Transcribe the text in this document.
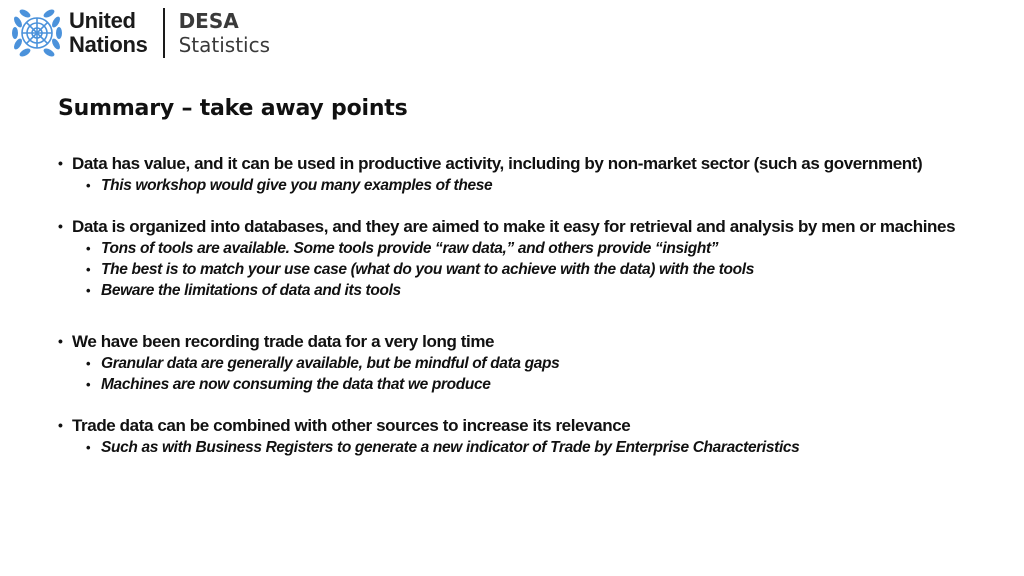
United
Nations
DESA
Statistics
Summary – take away points
• Data has value, and it can be used in productive activity, including by non-market sector (such as government)
• This workshop would give you many examples of these
• Data is organized into databases, and they are aimed to make it easy for retrieval and analysis by men or machines
• Tons of tools are available. Some tools provide “raw data,” and others provide “insight”
• The best is to match your use case (what do you want to achieve with the data) with the tools
• Beware the limitations of data and its tools
• We have been recording trade data for a very long time
• Granular data are generally available, but be mindful of data gaps
• Machines are now consuming the data that we produce
• Trade data can be combined with other sources to increase its relevance
• Such as with Business Registers to generate a new indicator of Trade by Enterprise Characteristics
